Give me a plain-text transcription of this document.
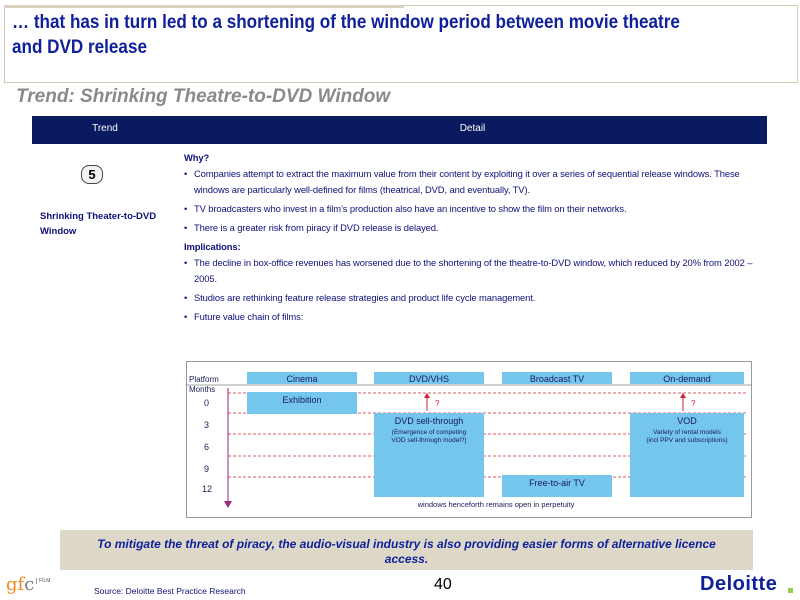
… that has in turn led to a shortening of the window period between movie theatre and DVD release
Trend: Shrinking Theatre-to-DVD Window
Trend	Detail
5
Shrinking Theater-to-DVD Window

Why?

• Companies attempt to extract the maximum value from their content by exploiting it over a series of sequential release windows. These windows are particularly well-defined for films (theatrical, DVD, and eventually, TV).
• TV broadcasters who invest in a film’s production also have an incentive to show the film on their networks.
• There is a greater risk from piracy if DVD release is delayed.

Implications:

• The decline in box-office revenues has worsened due to the shortening of the theatre-to-DVD window, which reduced by 20% from 2002 – 2005.
• Studios are rethinking feature release strategies and product life cycle management.
• Future value chain of films:
Platform	Cinema	DVD/VHS	Broadcast TV	On-demand
Months
0
3
6
9
12
Exhibition
DVD sell-through
(Emergence of competing
VOD sell-through model?)
VOD
Variety of rental models
(incl PPV and subscriptions)
Free-to-air TV
?	?
windows henceforth remains open in perpetuity
To mitigate the threat of piracy, the audio-visual industry is also providing easier forms of alternative licence access.
gfc FILM
Source: Deloitte Best Practice Research	40	Deloitte
